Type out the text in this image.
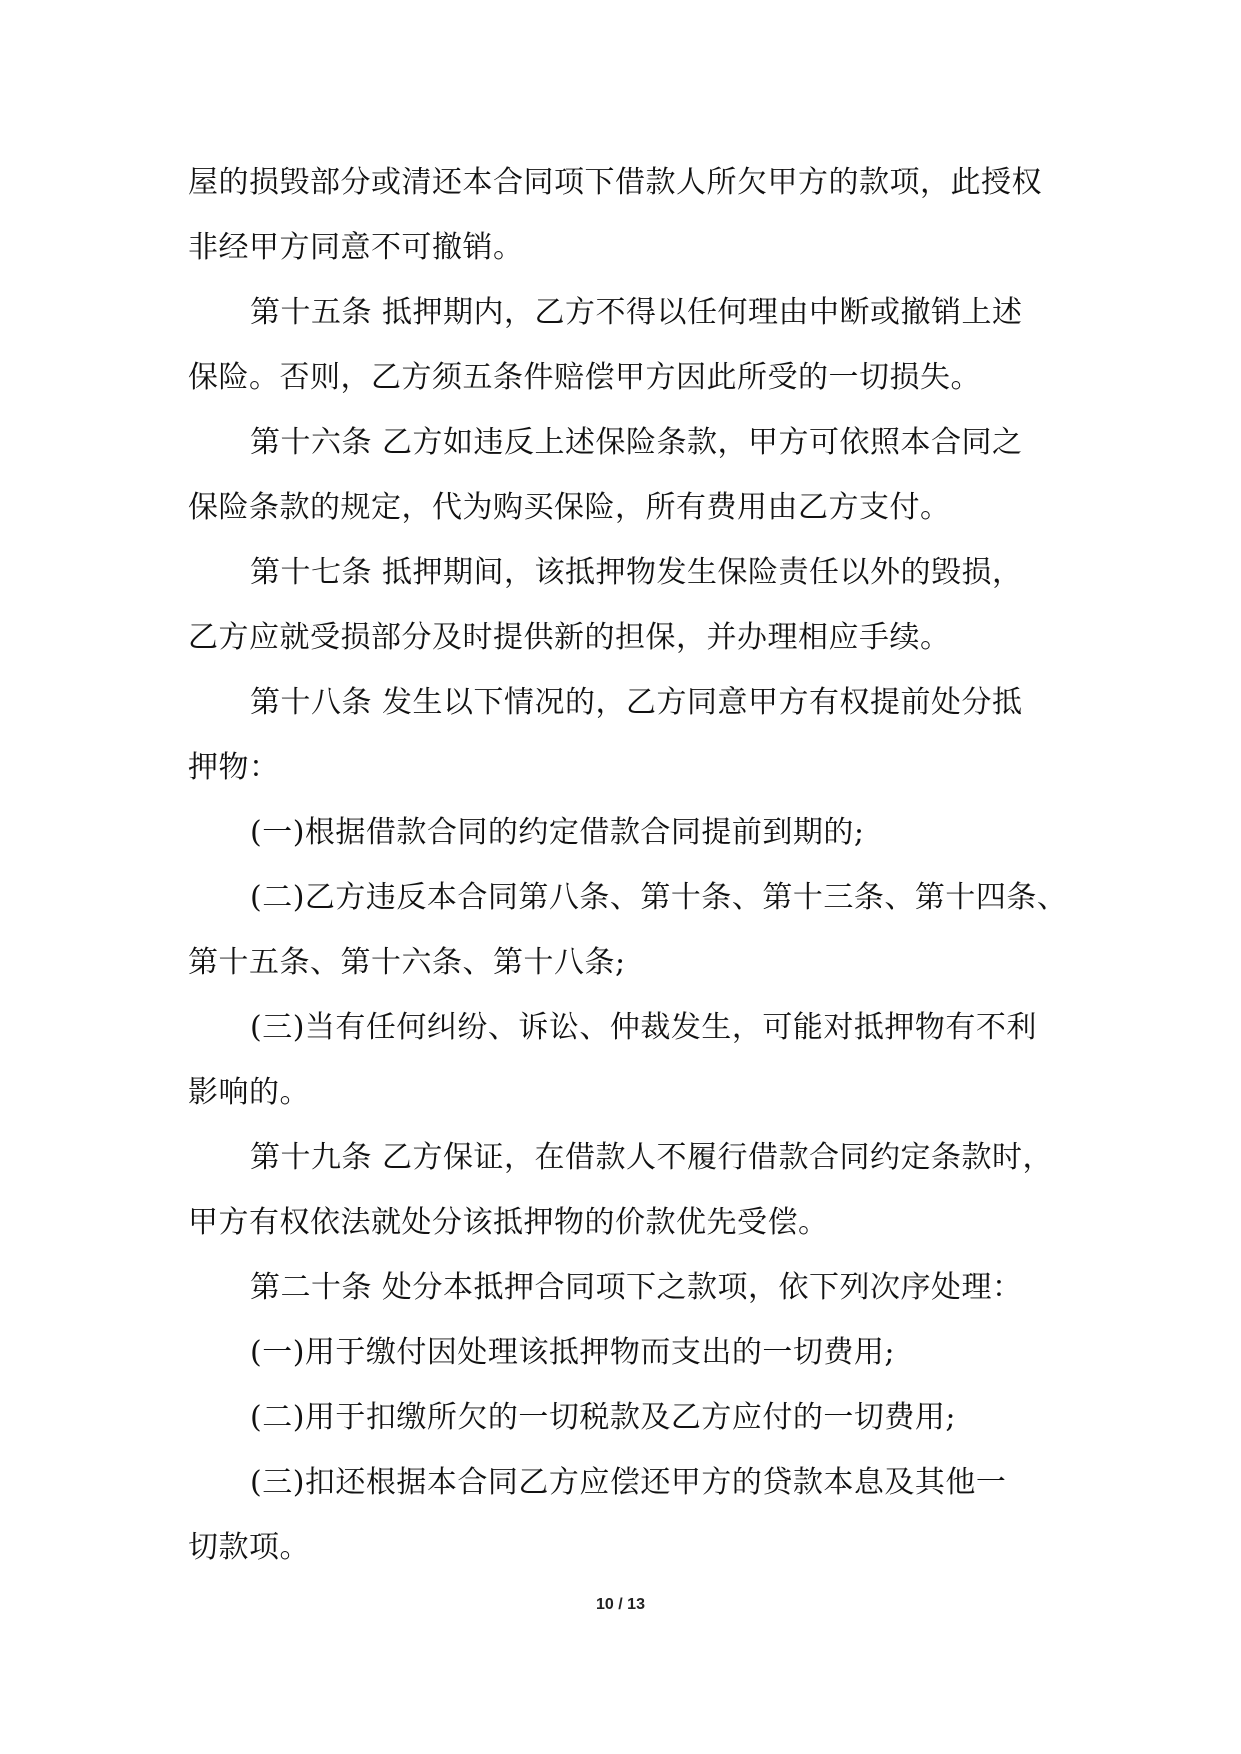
屋的损毁部分或清还本合同项下借款人所欠甲方的款项，此授权
非经甲方同意不可撤销。
第十五条 抵押期内，乙方不得以任何理由中断或撤销上述
保险。否则，乙方须五条件赔偿甲方因此所受的一切损失。
第十六条 乙方如违反上述保险条款，甲方可依照本合同之
保险条款的规定，代为购买保险，所有费用由乙方支付。
第十七条 抵押期间，该抵押物发生保险责任以外的毁损，
乙方应就受损部分及时提供新的担保，并办理相应手续。
第十八条 发生以下情况的，乙方同意甲方有权提前处分抵
押物：
(一)根据借款合同的约定借款合同提前到期的;
(二)乙方违反本合同第八条、第十条、第十三条、第十四条、
第十五条、第十六条、第十八条;
(三)当有任何纠纷、诉讼、仲裁发生，可能对抵押物有不利
影响的。
第十九条 乙方保证，在借款人不履行借款合同约定条款时，
甲方有权依法就处分该抵押物的价款优先受偿。
第二十条 处分本抵押合同项下之款项，依下列次序处理：
(一)用于缴付因处理该抵押物而支出的一切费用;
(二)用于扣缴所欠的一切税款及乙方应付的一切费用;
(三)扣还根据本合同乙方应偿还甲方的贷款本息及其他一
切款项。
10 / 13
